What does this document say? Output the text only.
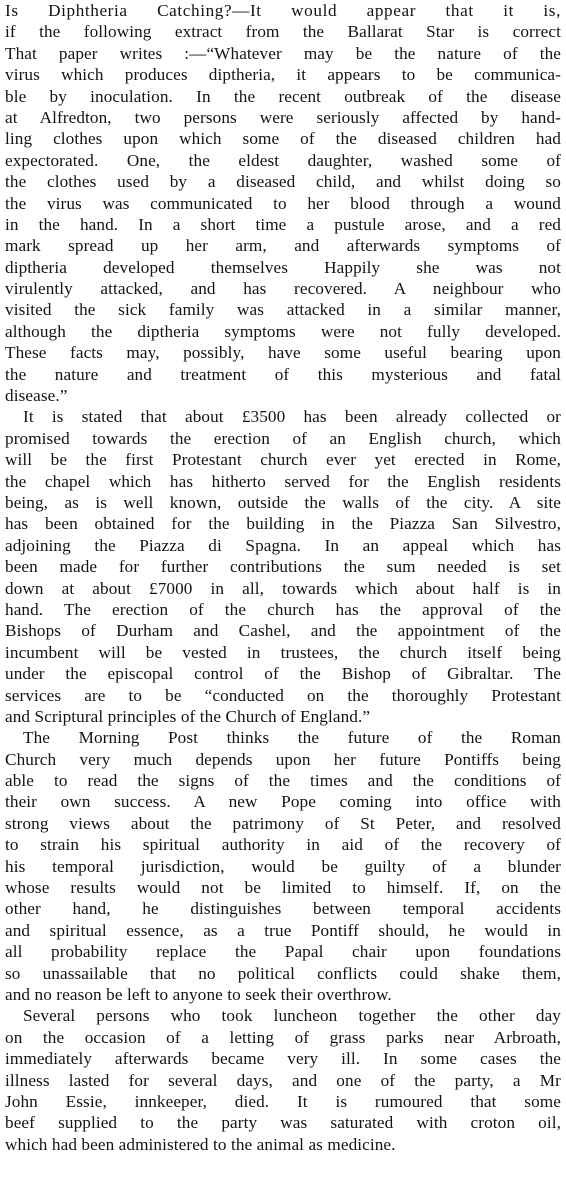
Is Diphtheria Catching?—It would appear that it is,
if the following extract from the Ballarat Star is correct
That paper writes :—“Whatever may be the nature of the
virus which produces diptheria, it appears to be communica-
ble by inoculation. In the recent outbreak of the disease
at Alfredton, two persons were seriously affected by hand-
ling clothes upon which some of the diseased children had
expectorated. One, the eldest daughter, washed some of
the clothes used by a diseased child, and whilst doing so
the virus was communicated to her blood through a wound
in the hand. In a short time a pustule arose, and a red
mark spread up her arm, and afterwards symptoms of
diptheria developed themselves Happily she was not
virulently attacked, and has recovered. A neighbour who
visited the sick family was attacked in a similar manner,
although the diptheria symptoms were not fully developed.
These facts may, possibly, have some useful bearing upon
the nature and treatment of this mysterious and fatal
disease.”
It is stated that about £3500 has been already collected or
promised towards the erection of an English church, which
will be the first Protestant church ever yet erected in Rome,
the chapel which has hitherto served for the English residents
being, as is well known, outside the walls of the city. A site
has been obtained for the building in the Piazza San Silvestro,
adjoining the Piazza di Spagna. In an appeal which has
been made for further contributions the sum needed is set
down at about £7000 in all, towards which about half is in
hand. The erection of the church has the approval of the
Bishops of Durham and Cashel, and the appointment of the
incumbent will be vested in trustees, the church itself being
under the episcopal control of the Bishop of Gibraltar. The
services are to be “conducted on the thoroughly Protestant
and Scriptural principles of the Church of England.”
The Morning Post thinks the future of the Roman
Church very much depends upon her future Pontiffs being
able to read the signs of the times and the conditions of
their own success. A new Pope coming into office with
strong views about the patrimony of St Peter, and resolved
to strain his spiritual authority in aid of the recovery of
his temporal jurisdiction, would be guilty of a blunder
whose results would not be limited to himself. If, on the
other hand, he distinguishes between temporal accidents
and spiritual essence, as a true Pontiff should, he would in
all probability replace the Papal chair upon foundations
so unassailable that no political conflicts could shake them,
and no reason be left to anyone to seek their overthrow.
Several persons who took luncheon together the other day
on the occasion of a letting of grass parks near Arbroath,
immediately afterwards became very ill. In some cases the
illness lasted for several days, and one of the party, a Mr
John Essie, innkeeper, died. It is rumoured that some
beef supplied to the party was saturated with croton oil,
which had been administered to the animal as medicine.
